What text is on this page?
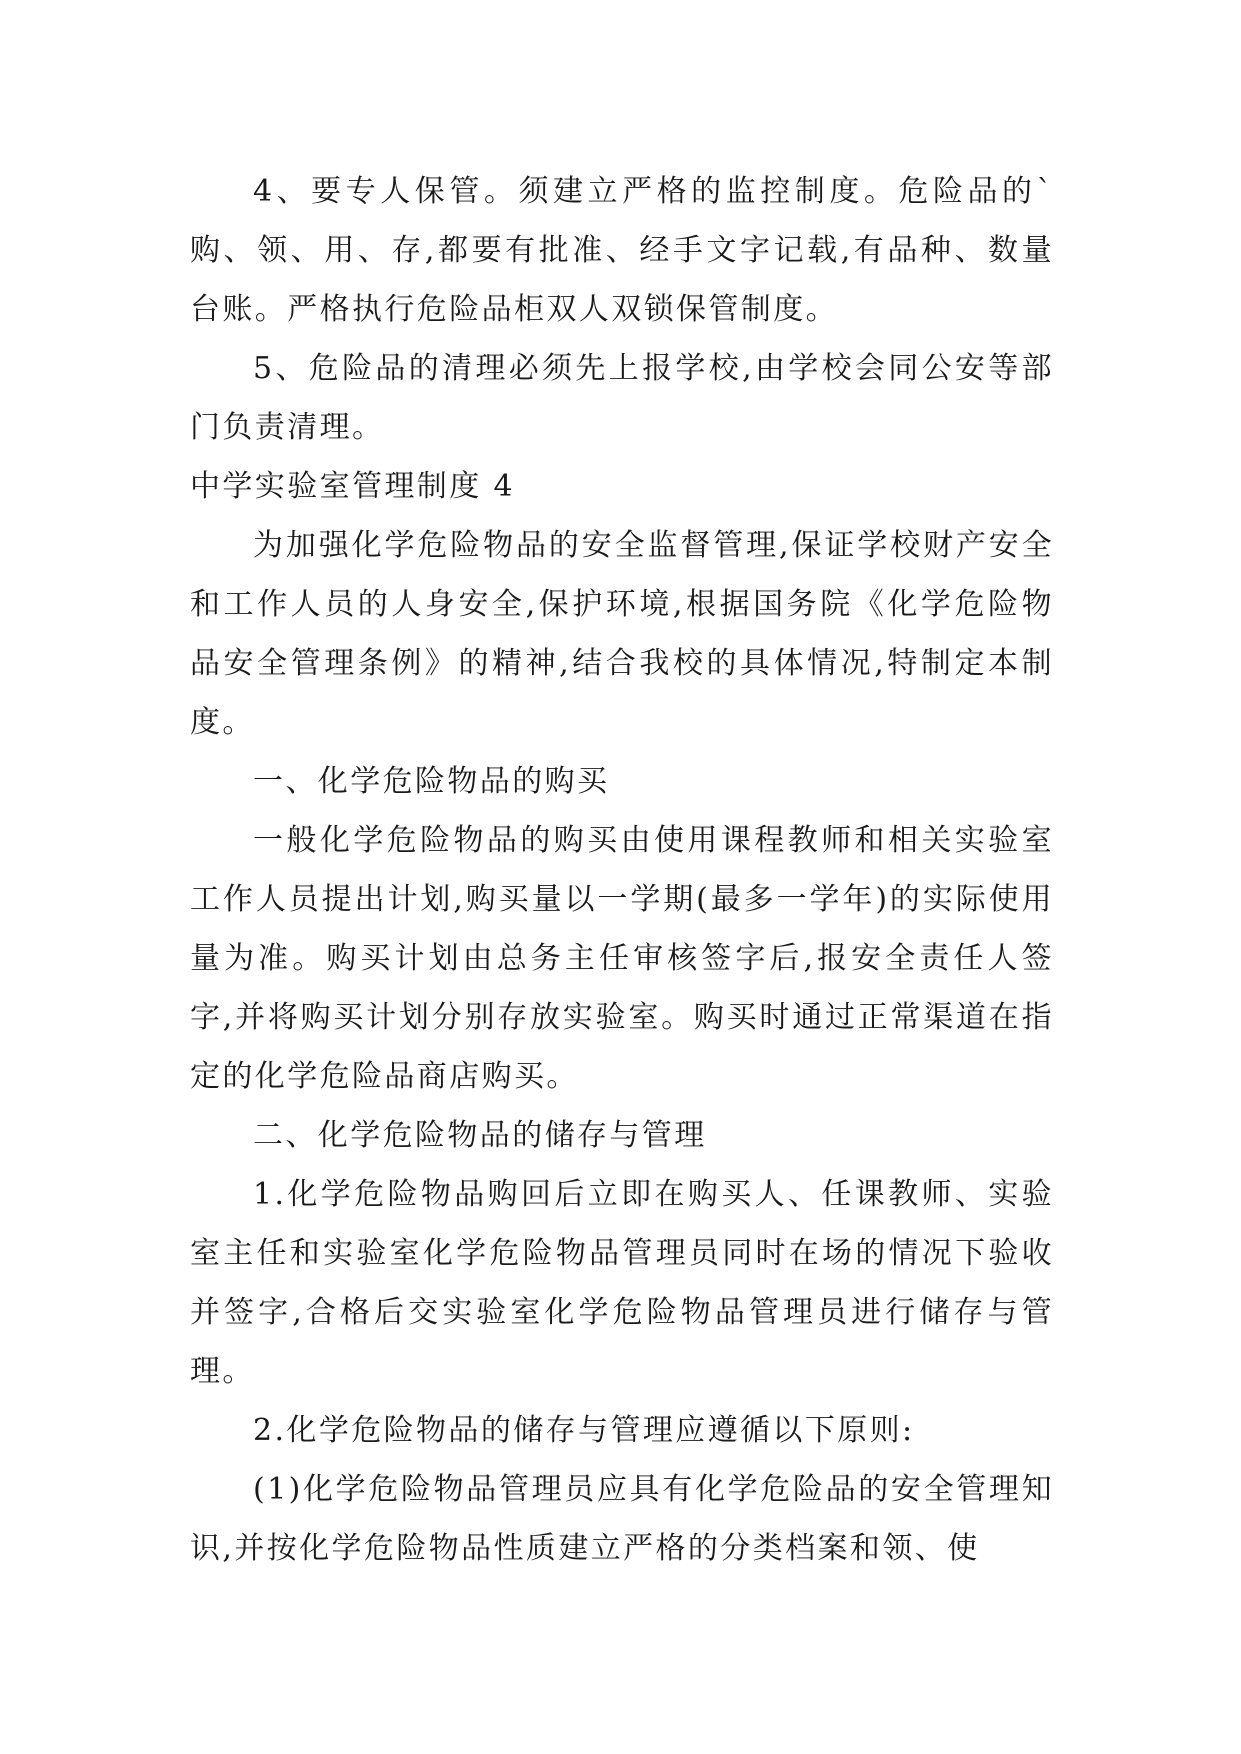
4、要专人保管。须建立严格的监控制度。危险品的`购、领、用、存,都要有批准、经手文字记载,有品种、数量台账。严格执行危险品柜双人双锁保管制度。

5、危险品的清理必须先上报学校,由学校会同公安等部门负责清理。

中学实验室管理制度 4

为加强化学危险物品的安全监督管理,保证学校财产安全和工作人员的人身安全,保护环境,根据国务院《化学危险物品安全管理条例》的精神,结合我校的具体情况,特制定本制度。

一、化学危险物品的购买

一般化学危险物品的购买由使用课程教师和相关实验室工作人员提出计划,购买量以一学期(最多一学年)的实际使用量为准。购买计划由总务主任审核签字后,报安全责任人签字,并将购买计划分别存放实验室。购买时通过正常渠道在指定的化学危险品商店购买。

二、化学危险物品的储存与管理

1.化学危险物品购回后立即在购买人、任课教师、实验室主任和实验室化学危险物品管理员同时在场的情况下验收并签字,合格后交实验室化学危险物品管理员进行储存与管理。

2.化学危险物品的储存与管理应遵循以下原则:

(1)化学危险物品管理员应具有化学危险品的安全管理知识,并按化学危险物品性质建立严格的分类档案和领、使
